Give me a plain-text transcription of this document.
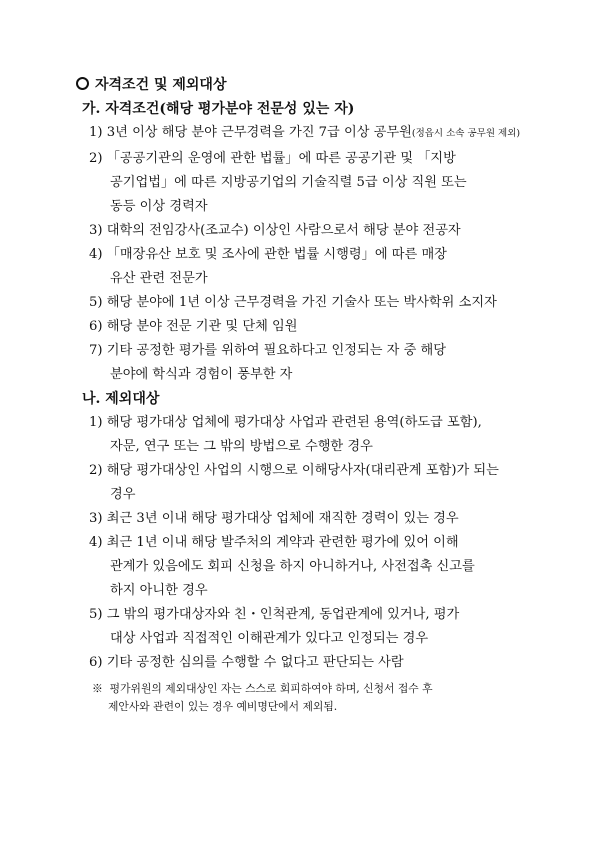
자격조건 및 제외대상
가. 자격조건(해당 평가분야 전문성 있는 자)
1) 3년 이상 해당 분야 근무경력을 가진 7급 이상 공무원(정읍시 소속 공무원 제외)
2) 「공공기관의 운영에 관한 법률」에 따른 공공기관 및 「지방
공기업법」에 따른 지방공기업의 기술직렬 5급 이상 직원 또는
동등 이상 경력자
3) 대학의 전임강사(조교수) 이상인 사람으로서 해당 분야 전공자
4) 「매장유산 보호 및 조사에 관한 법률 시행령」에 따른 매장
유산 관련 전문가
5) 해당 분야에 1년 이상 근무경력을 가진 기술사 또는 박사학위 소지자
6) 해당 분야 전문 기관 및 단체 임원
7) 기타 공정한 평가를 위하여 필요하다고 인정되는 자 중 해당
분야에 학식과 경험이 풍부한 자
나. 제외대상
1) 해당 평가대상 업체에 평가대상 사업과 관련된 용역(하도급 포함),
자문, 연구 또는 그 밖의 방법으로 수행한 경우
2) 해당 평가대상인 사업의 시행으로 이해당사자(대리관계 포함)가 되는
경우
3) 최근 3년 이내 해당 평가대상 업체에 재직한 경력이 있는 경우
4) 최근 1년 이내 해당 발주처의 계약과 관련한 평가에 있어 이해
관계가 있음에도 회피 신청을 하지 아니하거나, 사전접촉 신고를
하지 아니한 경우
5) 그 밖의 평가대상자와 친・인척관계, 동업관계에 있거나, 평가
대상 사업과 직접적인 이해관계가 있다고 인정되는 경우
6) 기타 공정한 심의를 수행할 수 없다고 판단되는 사람
※ 평가위원의 제외대상인 자는 스스로 회피하여야 하며, 신청서 접수 후
제안사와 관련이 있는 경우 예비명단에서 제외됨.
